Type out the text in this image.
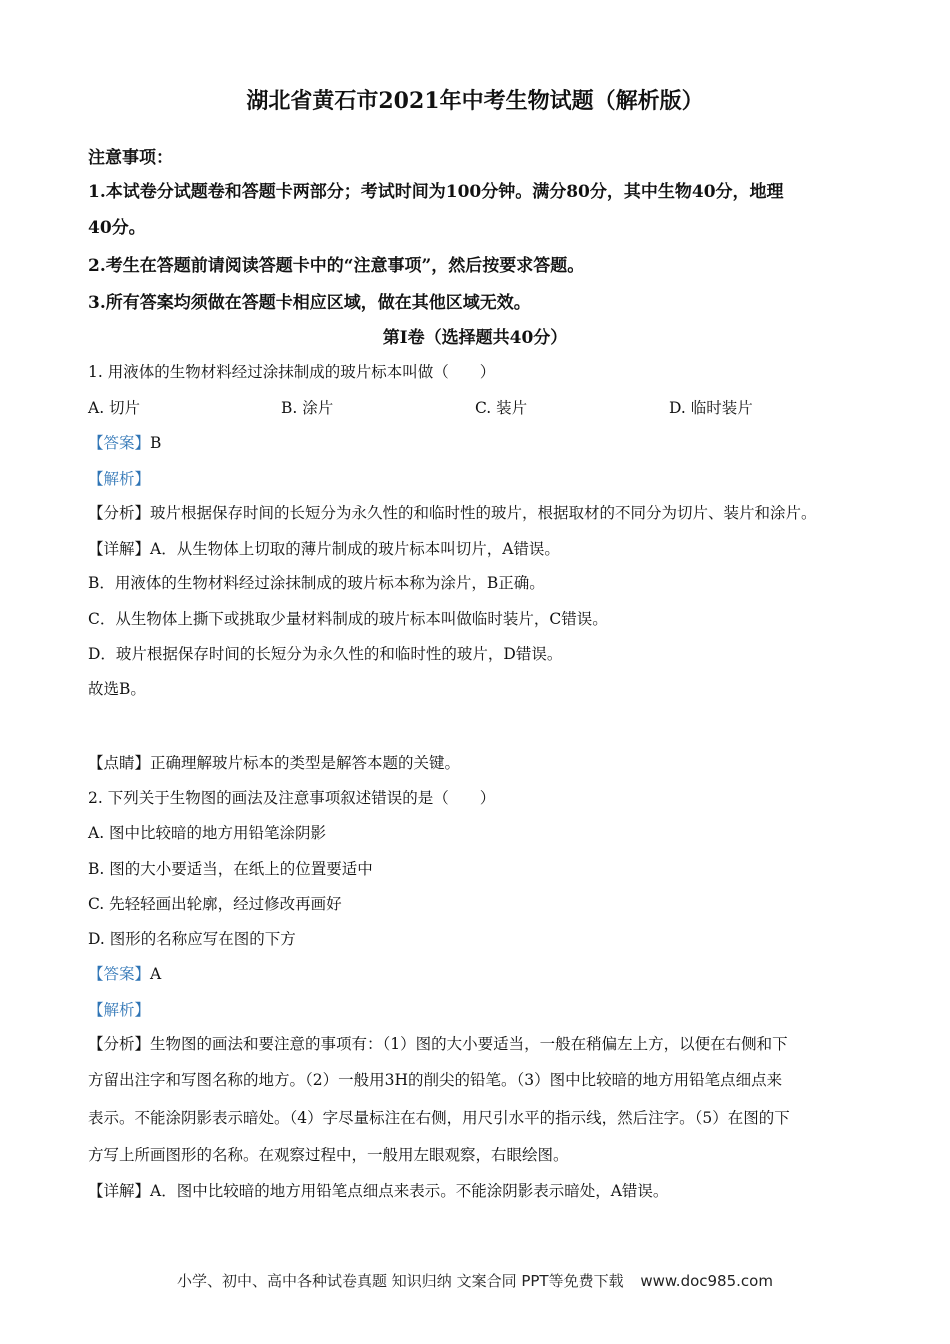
湖北省黄石市2021年中考生物试题（解析版）
注意事项：
1.本试卷分试题卷和答题卡两部分；考试时间为100分钟。满分80分，其中生物40分，地理
40分。
2.考生在答题前请阅读答题卡中的“注意事项”，然后按要求答题。
3.所有答案均须做在答题卡相应区域，做在其他区域无效。
第Ⅰ卷（选择题共40分）
1. 用液体的生物材料经过涂抹制成的玻片标本叫做（　　）
A. 切片	B. 涂片	C. 装片	D. 临时装片
【答案】B
【解析】
【分析】玻片根据保存时间的长短分为永久性的和临时性的玻片，根据取材的不同分为切片、装片和涂片。
【详解】A．从生物体上切取的薄片制成的玻片标本叫切片，A错误。
B．用液体的生物材料经过涂抹制成的玻片标本称为涂片，B正确。
C．从生物体上撕下或挑取少量材料制成的玻片标本叫做临时装片，C错误。
D．玻片根据保存时间的长短分为永久性的和临时性的玻片，D错误。
故选B。
【点睛】正确理解玻片标本的类型是解答本题的关键。
2. 下列关于生物图的画法及注意事项叙述错误的是（　　）
A. 图中比较暗的地方用铅笔涂阴影
B. 图的大小要适当，在纸上的位置要适中
C. 先轻轻画出轮廓，经过修改再画好
D. 图形的名称应写在图的下方
【答案】A
【解析】
【分析】生物图的画法和要注意的事项有：（1）图的大小要适当，一般在稍偏左上方，以便在右侧和下
方留出注字和写图名称的地方。（2）一般用3H的削尖的铅笔。（3）图中比较暗的地方用铅笔点细点来
表示。不能涂阴影表示暗处。（4）字尽量标注在右侧，用尺引水平的指示线，然后注字。（5）在图的下
方写上所画图形的名称。在观察过程中，一般用左眼观察，右眼绘图。
【详解】A．图中比较暗的地方用铅笔点细点来表示。不能涂阴影表示暗处，A错误。
小学、初中、高中各种试卷真题 知识归纳 文案合同 PPT等免费下载 www.doc985.com
